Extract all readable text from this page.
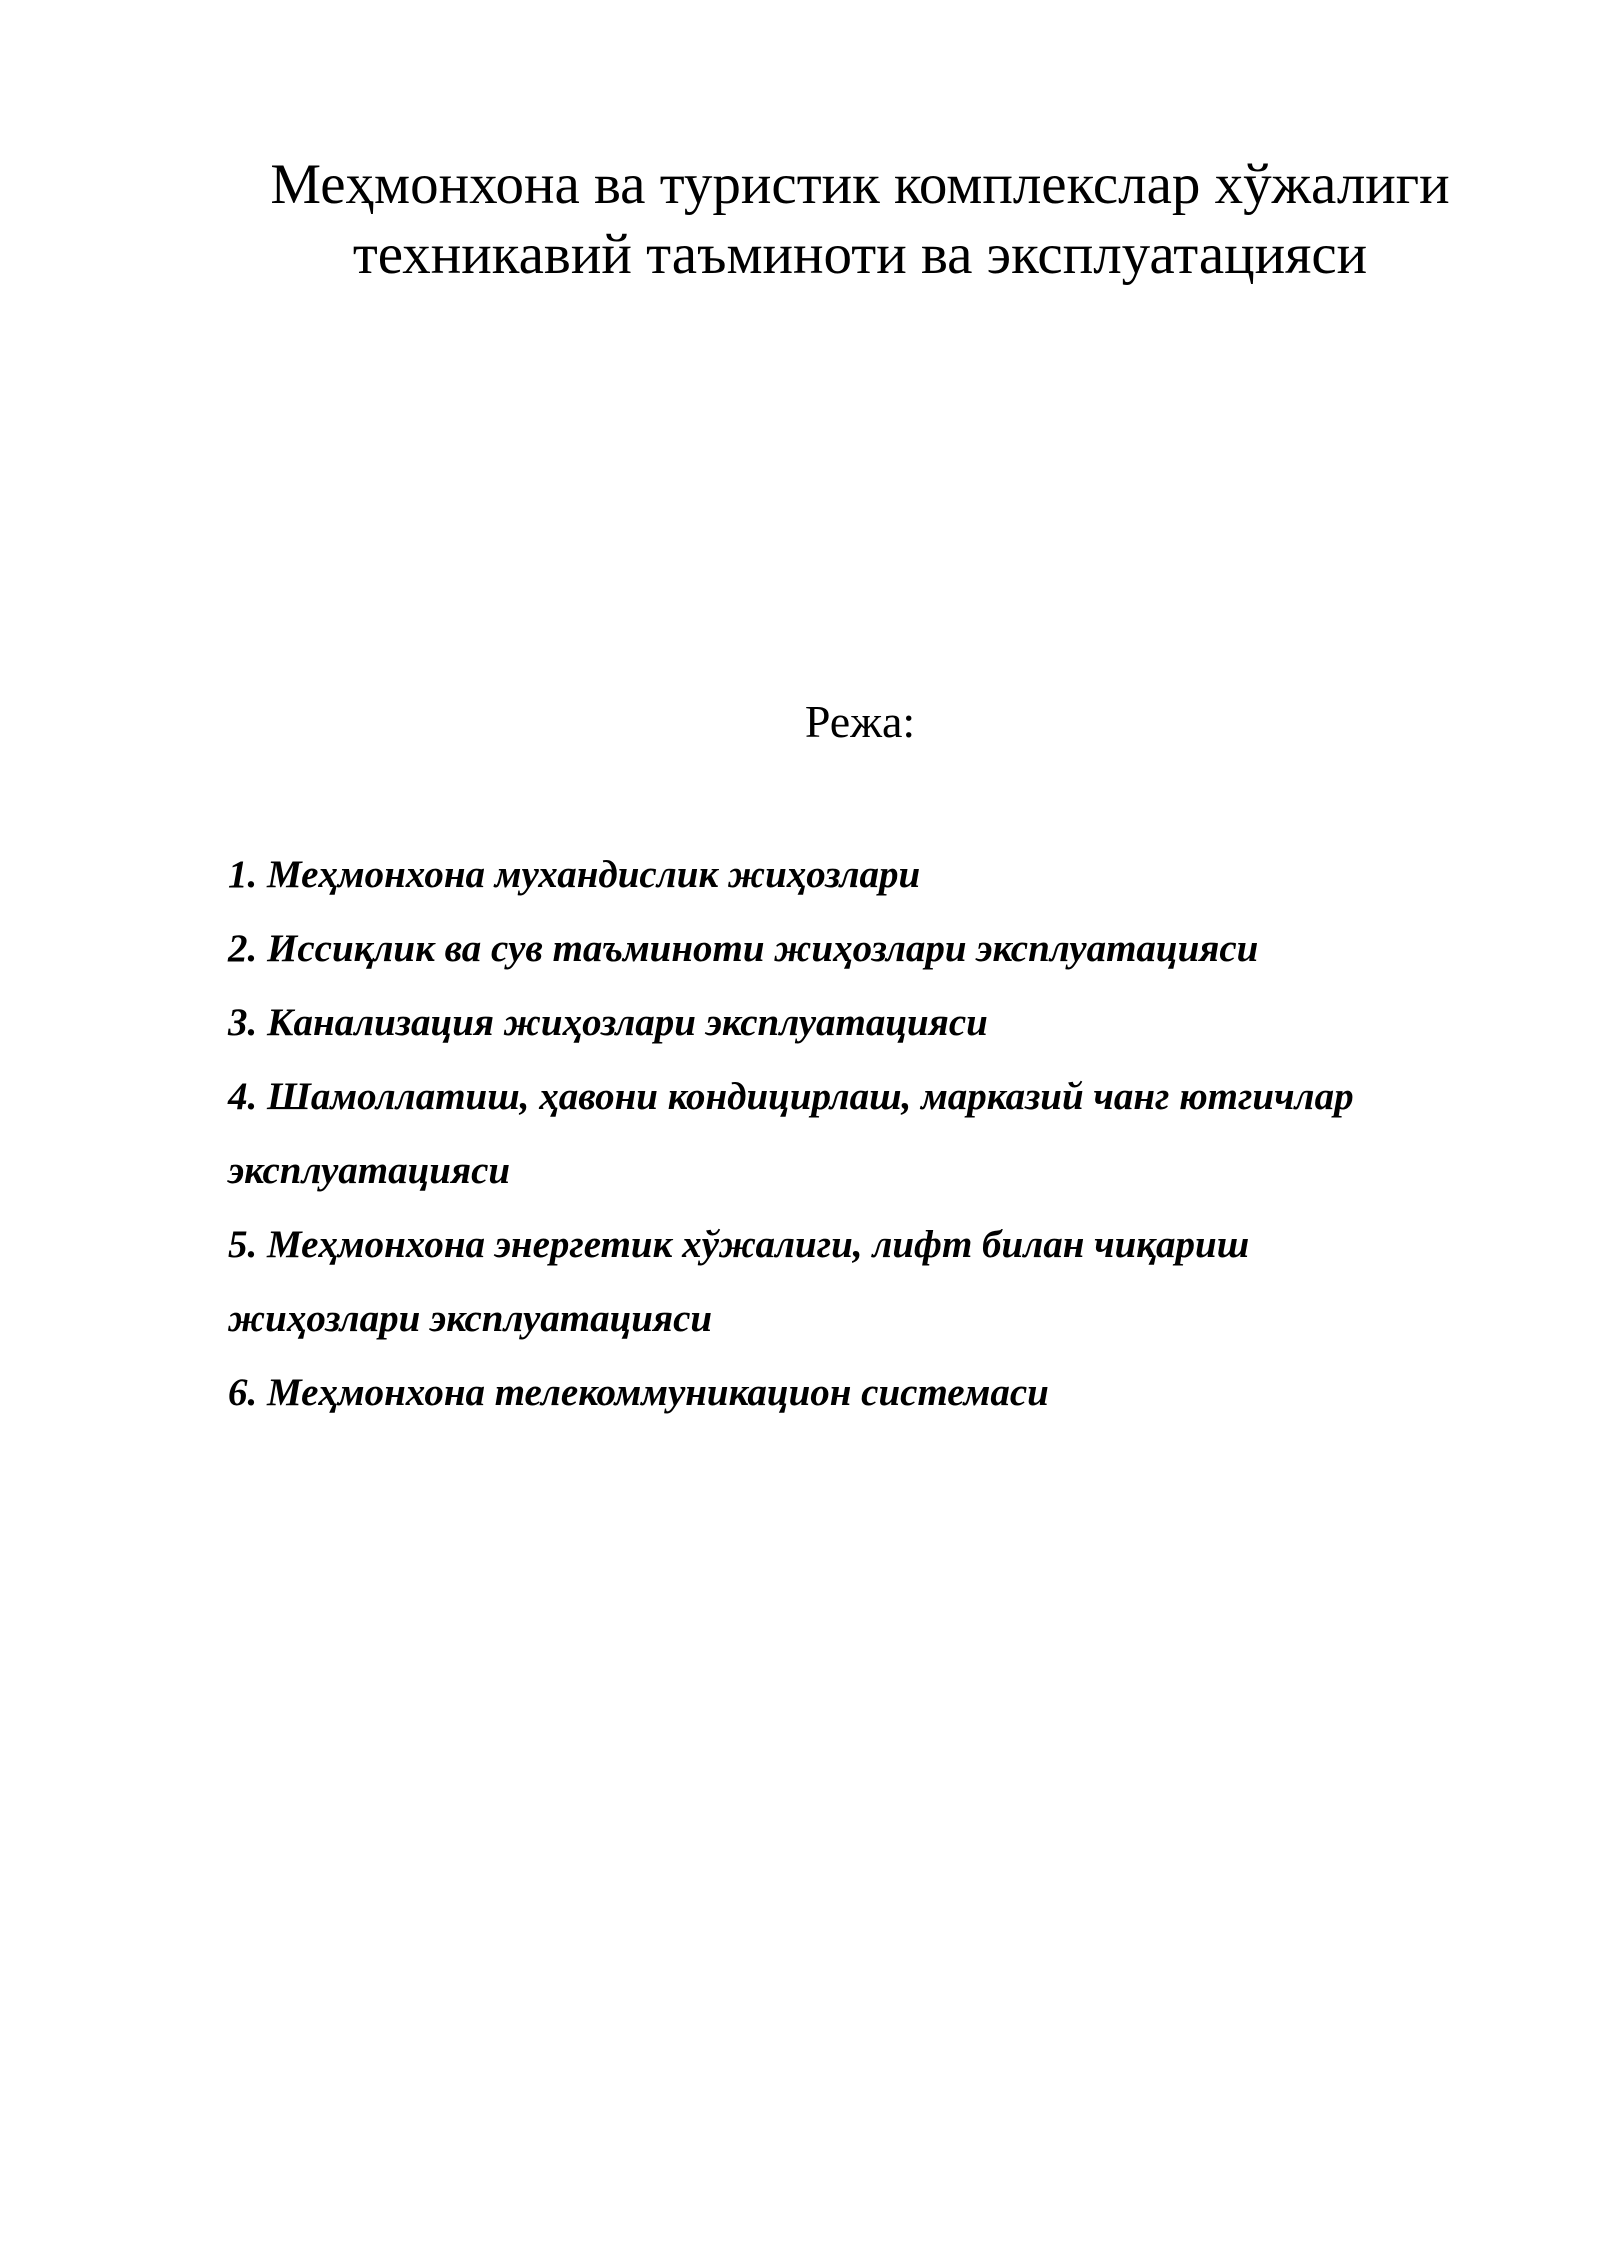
Меҳмонхона ва туристик комплекслар хўжалиги
техникавий таъминоти ва эксплуатацияси
Режа:
1. Меҳмонхона мухандислик жиҳозлари
2. Иссиқлик ва сув таъминоти жиҳозлари эксплуатацияси
3. Канализация жиҳозлари эксплуатацияси
4. Шамоллатиш, ҳавони кондицирлаш, марказий чанг ютгичлар
эксплуатацияси
5. Меҳмонхона энергетик хўжалиги, лифт билан чиқариш
жиҳозлари эксплуатацияси
6. Меҳмонхона телекоммуникацион системаси
